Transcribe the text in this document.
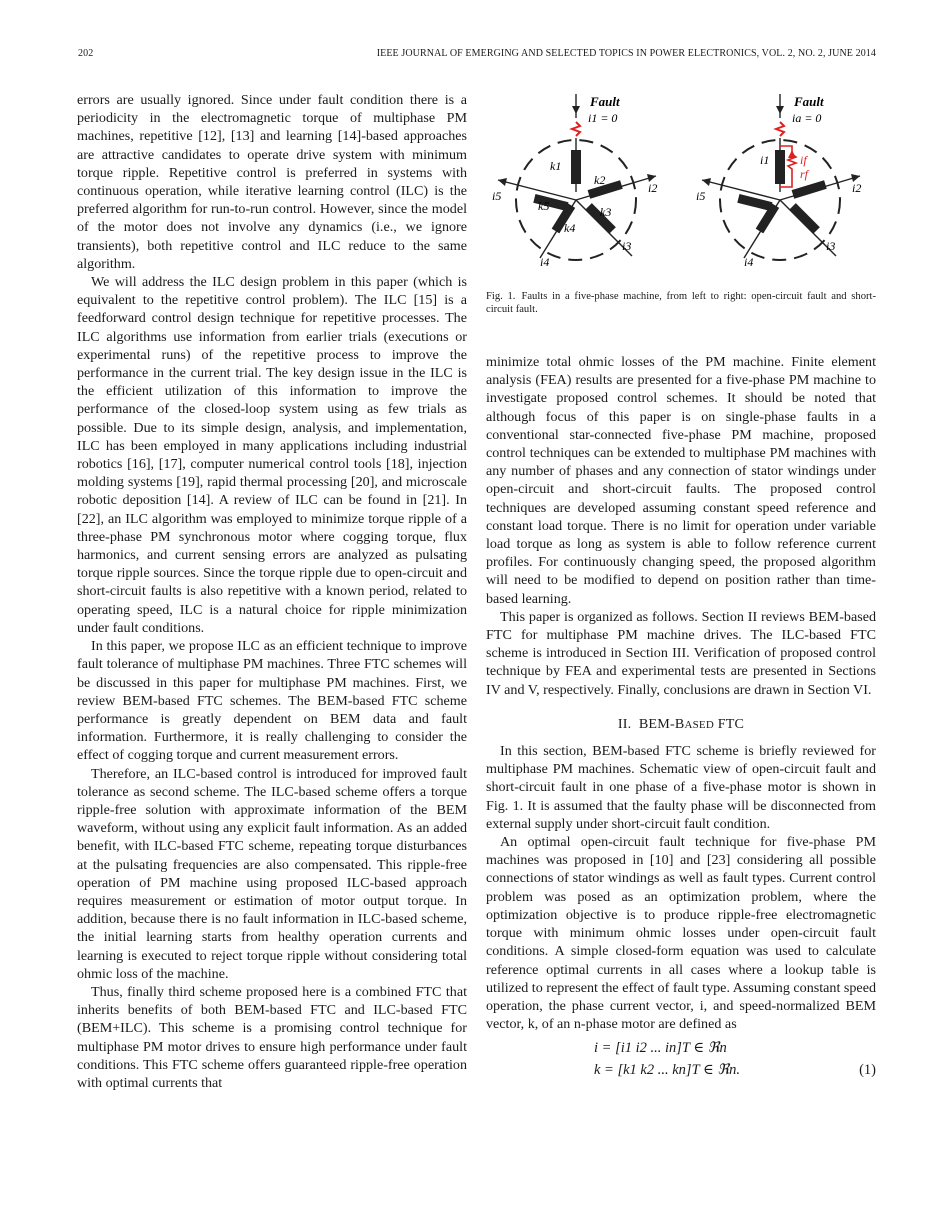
202	IEEE JOURNAL OF EMERGING AND SELECTED TOPICS IN POWER ELECTRONICS, VOL. 2, NO. 2, JUNE 2014

errors are usually ignored. Since under fault condition there is a periodicity in the electromagnetic torque of multiphase PM machines, repetitive [12], [13] and learning [14]-based approaches are attractive candidates to operate drive system with minimum torque ripple. Repetitive control is preferred in systems with continuous operation, while iterative learning control (ILC) is the preferred algorithm for run-to-run control. However, since the model of the motor does not involve any dynamics (i.e., we ignore transients), both repetitive control and ILC reduce to the same algorithm.

We will address the ILC design problem in this paper (which is equivalent to the repetitive control problem). The ILC [15] is a feedforward control design technique for repetitive processes. The ILC algorithms use information from earlier trials (executions or experimental runs) of the repetitive process to improve the performance in the current trial. The key design issue in the ILC is the efficient utilization of this information to improve the performance of the closed-loop system using as few trials as possible. Due to its simple design, analysis, and implementation, ILC has been employed in many applications including industrial robotics [16], [17], computer numerical control tools [18], injection molding systems [19], rapid thermal processing [20], and microscale robotic deposition [14]. A review of ILC can be found in [21]. In [22], an ILC algorithm was employed to minimize torque ripple of a three-phase PM synchronous motor where cogging torque, flux harmonics, and current sensing errors are analyzed as pulsating torque ripple sources. Since the torque ripple due to open-circuit and short-circuit faults is also repetitive with a known period, related to operating speed, ILC is a natural choice for ripple minimization under fault conditions.

In this paper, we propose ILC as an efficient technique to improve fault tolerance of multiphase PM machines. Three FTC schemes will be discussed in this paper for multiphase PM machines. First, we review BEM-based FTC schemes. The BEM-based FTC scheme performance is greatly dependent on BEM data and fault information. Furthermore, it is really challenging to consider the effect of cogging torque and current measurement errors.

Therefore, an ILC-based control is introduced for improved fault tolerance as second scheme. The ILC-based scheme offers a torque ripple-free solution with approximate information of the BEM waveform, without using any explicit fault information. As an added benefit, with ILC-based FTC scheme, repeating torque disturbances at the pulsating frequencies are also compensated. This ripple-free operation of PM machine using proposed ILC-based approach requires measurement or estimation of motor output torque. In addition, because there is no fault information in ILC-based scheme, the initial learning starts from healthy operation currents and learning is executed to reject torque ripple without considering total ohmic loss of the machine.

Thus, finally third scheme proposed here is a combined FTC that inherits benefits of both BEM-based FTC and ILC-based FTC (BEM+ILC). This scheme is a promising control technique for multiphase PM motor drives to ensure high performance under fault conditions. This FTC scheme offers guaranteed ripple-free operation with optimal currents that

Fault
i1 = 0
k1
k2
k3
k4
k5
i2
i3
i4
i5
Fault
ia = 0
i1	if
rf
i2
i3
i4
i5
Fig. 1. Faults in a five-phase machine, from left to right: open-circuit fault and short-circuit fault.

minimize total ohmic losses of the PM machine. Finite element analysis (FEA) results are presented for a five-phase PM machine to investigate proposed control schemes. It should be noted that although focus of this paper is on single-phase faults in a conventional star-connected five-phase PM machine, proposed control techniques can be extended to multiphase PM machines with any number of phases and any connection of stator windings under open-circuit and short-circuit faults. The proposed control techniques are developed assuming constant speed reference and constant load torque. There is no limit for operation under variable load torque as long as system is able to follow reference current profiles. For continuously changing speed, the proposed algorithm will need to be modified to depend on position rather than time-based learning.

This paper is organized as follows. Section II reviews BEM-based FTC for multiphase PM machine drives. The ILC-based FTC scheme is introduced in Section III. Verification of proposed control technique by FEA and experimental tests are presented in Sections IV and V, respectively. Finally, conclusions are drawn in Section VI.

II. BEM-BASED FTC

In this section, BEM-based FTC scheme is briefly reviewed for multiphase PM machines. Schematic view of open-circuit fault and short-circuit fault in one phase of a five-phase motor is shown in Fig. 1. It is assumed that the faulty phase will be disconnected from external supply under short-circuit fault condition.

An optimal open-circuit fault technique for five-phase PM machines was proposed in [10] and [23] considering all possible connections of stator windings as well as fault types. Current control problem was posed as an optimization problem, where the optimization objective is to produce ripple-free electromagnetic torque with minimum ohmic losses under open-circuit fault conditions. A simple closed-form equation was used to calculate reference optimal currents in all cases where a lookup table is utilized to represent the effect of fault type. Assuming constant speed operation, the phase current vector, i, and speed-normalized BEM vector, k, of an n-phase motor are defined as

i = [i1 i2 ... in]T ∈ ℜn
k = [k1 k2 ... kn]T ∈ ℜn.	(1)
